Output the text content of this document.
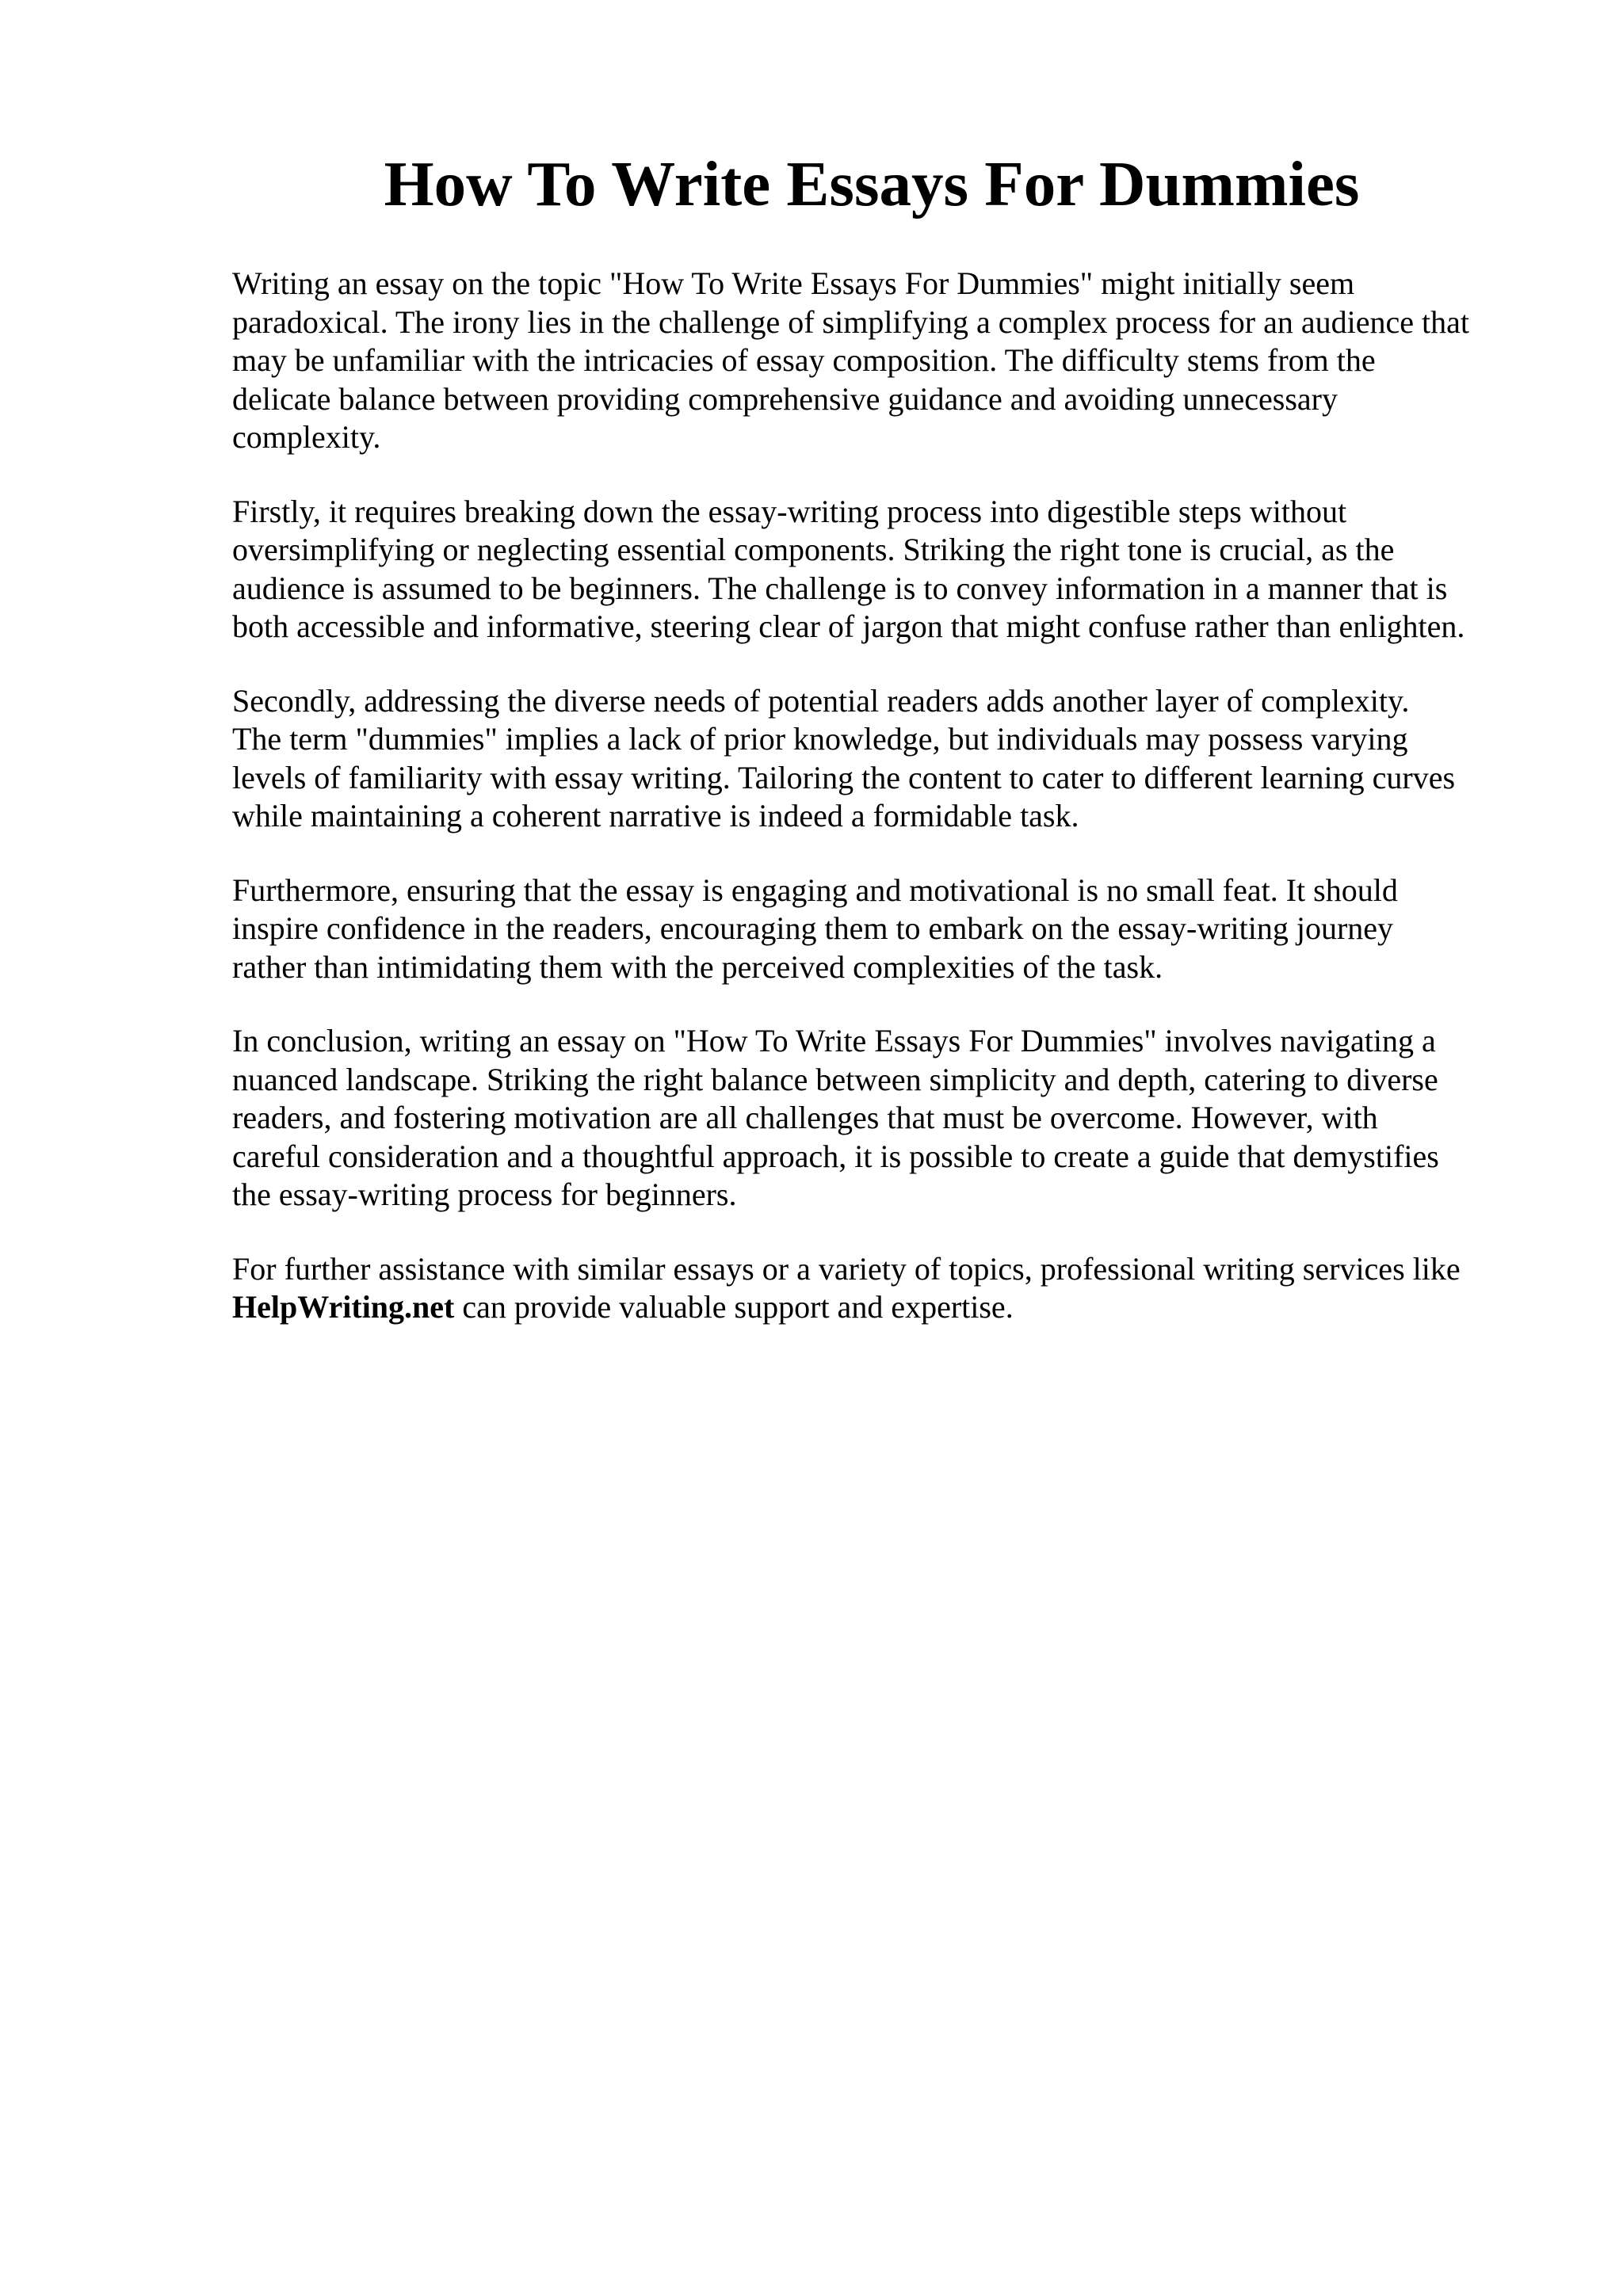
How To Write Essays For Dummies

Writing an essay on the topic "How To Write Essays For Dummies" might initially seem
paradoxical. The irony lies in the challenge of simplifying a complex process for an audience that
may be unfamiliar with the intricacies of essay composition. The difficulty stems from the
delicate balance between providing comprehensive guidance and avoiding unnecessary
complexity.

Firstly, it requires breaking down the essay-writing process into digestible steps without
oversimplifying or neglecting essential components. Striking the right tone is crucial, as the
audience is assumed to be beginners. The challenge is to convey information in a manner that is
both accessible and informative, steering clear of jargon that might confuse rather than enlighten.

Secondly, addressing the diverse needs of potential readers adds another layer of complexity.
The term "dummies" implies a lack of prior knowledge, but individuals may possess varying
levels of familiarity with essay writing. Tailoring the content to cater to different learning curves
while maintaining a coherent narrative is indeed a formidable task.

Furthermore, ensuring that the essay is engaging and motivational is no small feat. It should
inspire confidence in the readers, encouraging them to embark on the essay-writing journey
rather than intimidating them with the perceived complexities of the task.

In conclusion, writing an essay on "How To Write Essays For Dummies" involves navigating a
nuanced landscape. Striking the right balance between simplicity and depth, catering to diverse
readers, and fostering motivation are all challenges that must be overcome. However, with
careful consideration and a thoughtful approach, it is possible to create a guide that demystifies
the essay-writing process for beginners.

For further assistance with similar essays or a variety of topics, professional writing services like
HelpWriting.net can provide valuable support and expertise.
